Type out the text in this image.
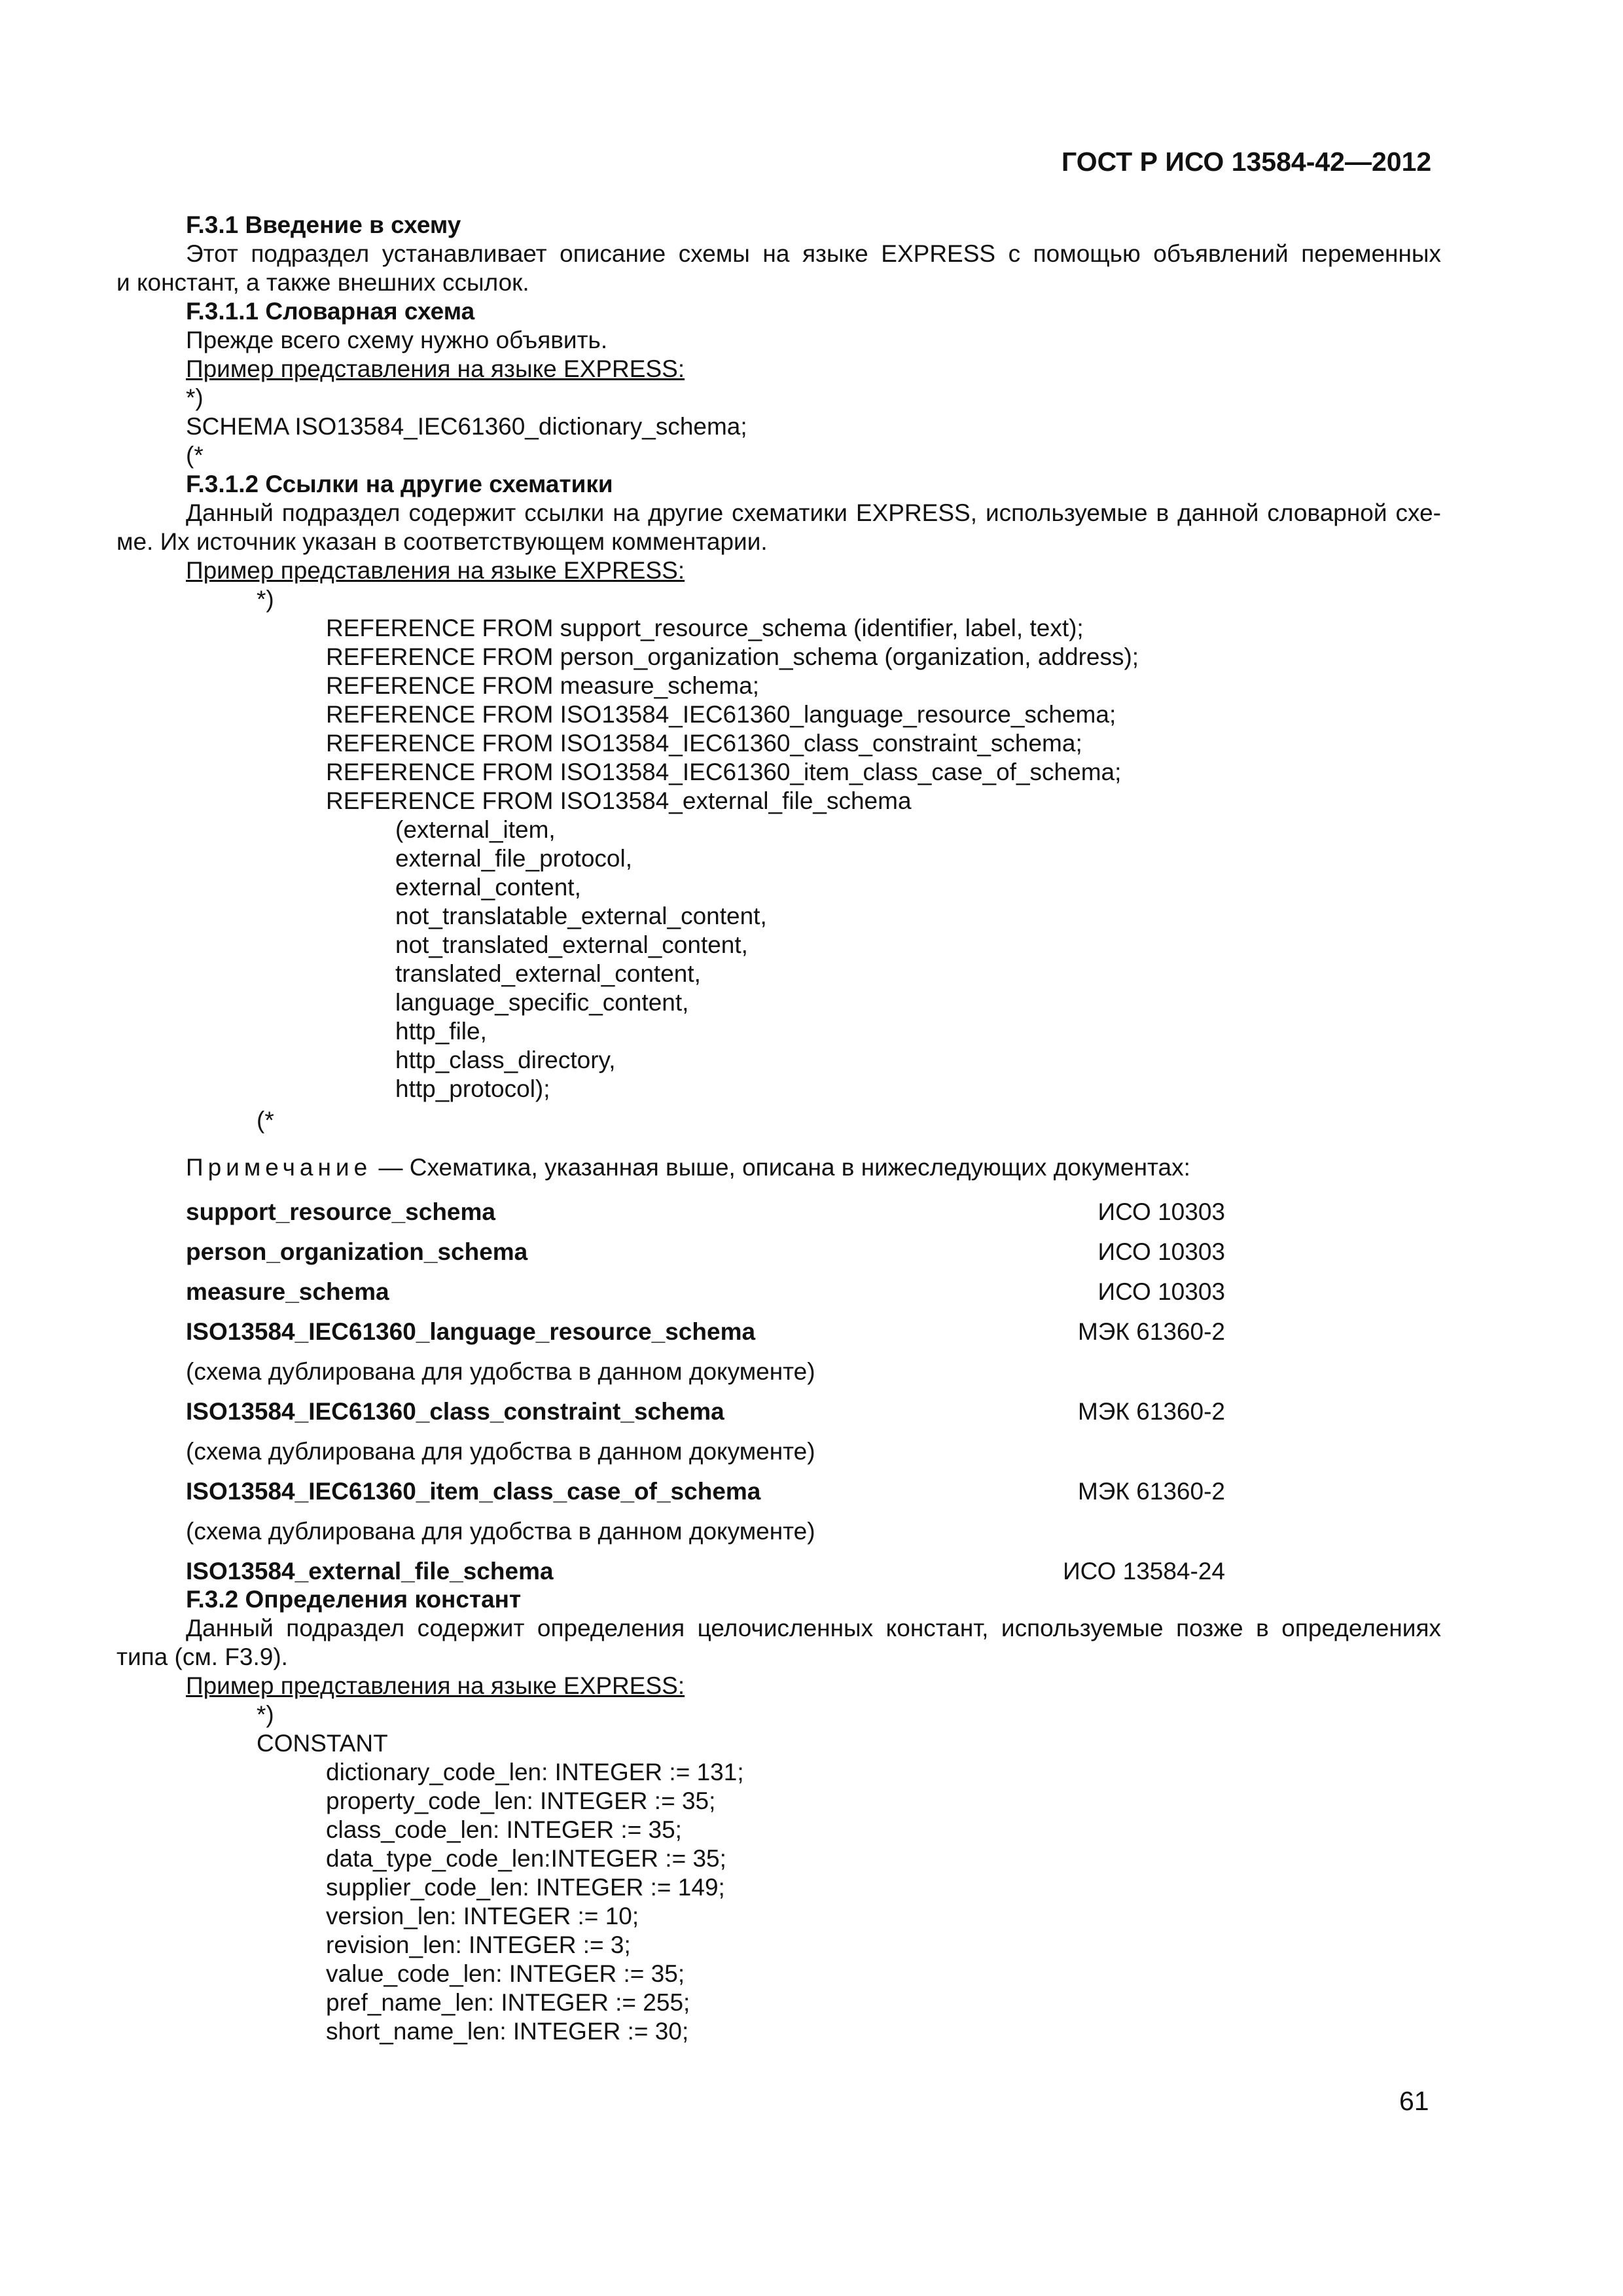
ГОСТ Р ИСО 13584-42—2012
F.3.1 Введение в схему
Этот подраздел устанавливает описание схемы на языке EXPRESS с помощью объявлений переменных
и констант, а также внешних ссылок.
F.3.1.1 Словарная схема
Прежде всего схему нужно объявить.
Пример представления на языке EXPRESS:
*)
SCHEMA ISO13584_IEC61360_dictionary_schema;
(*
F.3.1.2 Ссылки на другие схематики
Данный подраздел содержит ссылки на другие схематики EXPRESS, используемые в данной словарной схе-
ме. Их источник указан в соответствующем комментарии.
Пример представления на языке EXPRESS:
*)
REFERENCE FROM support_resource_schema (identifier, label, text);
REFERENCE FROM person_organization_schema (organization, address);
REFERENCE FROM measure_schema;
REFERENCE FROM ISO13584_IEC61360_language_resource_schema;
REFERENCE FROM ISO13584_IEC61360_class_constraint_schema;
REFERENCE FROM ISO13584_IEC61360_item_class_case_of_schema;
REFERENCE FROM ISO13584_external_file_schema
(external_item,
external_file_protocol,
external_content,
not_translatable_external_content,
not_translated_external_content,
translated_external_content,
language_specific_content,
http_file,
http_class_directory,
http_protocol);
(*
Примечание — Схематика, указанная выше, описана в нижеследующих документах:
support_resource_schema	ИСО 10303
person_organization_schema	ИСО 10303
measure_schema	ИСО 10303
ISO13584_IEC61360_language_resource_schema	МЭК 61360-2
(схема дублирована для удобства в данном документе)
ISO13584_IEC61360_class_constraint_schema	МЭК 61360-2
(схема дублирована для удобства в данном документе)
ISO13584_IEC61360_item_class_case_of_schema	МЭК 61360-2
(схема дублирована для удобства в данном документе)
ISO13584_external_file_schema	ИСО 13584-24
F.3.2 Определения констант
Данный подраздел содержит определения целочисленных констант, используемые позже в определениях
типа (см. F3.9).
Пример представления на языке EXPRESS:
*)
CONSTANT
dictionary_code_len: INTEGER := 131;
property_code_len: INTEGER := 35;
class_code_len: INTEGER := 35;
data_type_code_len:INTEGER := 35;
supplier_code_len: INTEGER := 149;
version_len: INTEGER := 10;
revision_len: INTEGER := 3;
value_code_len: INTEGER := 35;
pref_name_len: INTEGER := 255;
short_name_len: INTEGER := 30;
61
